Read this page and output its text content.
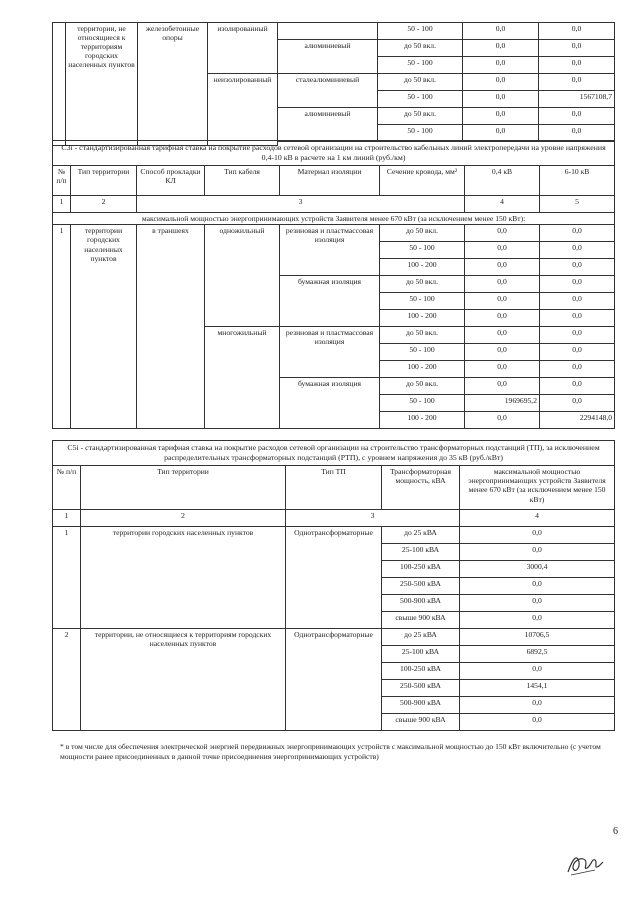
	территории, не относящиеся к территориям городских населенных пунктов	железобетонные опоры	изолированный		50 - 100	0,0	0,0
				алюминиевый	до 50 вкл.	0,0	0,0
					50 - 100	0,0	0,0
			неизолированный	сталеалюминиевый	до 50 вкл.	0,0	0,0
					50 - 100	0,0	1567108,7
				алюминиевый	до 50 вкл.	0,0	0,0
					50 - 100	0,0	0,0

C3i - стандартизированная тарифная ставка на покрытие расходов сетевой организации на строительство кабельных линий электропередачи на уровне напряжения 0,4-10 кВ в расчете на 1 км линий (руб./км)							
№ п/п	Тип территории	Способ прокладки КЛ	Тип кабеля	Материал изоляции	Сечение кровода, мм²	0,4 кВ	6-10 кВ
1	2	3				4	5
максимальной мощностью энергопринимающих устройств Заявителя менее 670 кВт (за исключением менее 150 кВт):							
1	территории городских населенных пунктов	в траншеях	одножильный	резиновая и пластмассовая изоляция	до 50 вкл.	0,0	0,0
					50 - 100	0,0	0,0
					100 - 200	0,0	0,0
				бумажная изоляция	до 50 вкл.	0,0	0,0
					50 - 100	0,0	0,0
					100 - 200	0,0	0,0
			многожильный	резиновая и пластмассовая изоляция	до 50 вкл.	0,0	0,0
					50 - 100	0,0	0,0
					100 - 200	0,0	0,0
				бумажная изоляция	до 50 вкл.	0,0	0,0
					50 - 100	1969695,2	0,0
					100 - 200	0,0	2294148,0
C5i - стандартизированная тарифная ставка на покрытие расходов сетевой организации на строительство трансформаторных подстанций (ТП), за исключением распределительных трансформаторных подстанций (РТП), с уровнем напряжения до 35 кВ (руб./кВт)				
№ п/п	Тип территории	Тип ТП	Трансформаторная мощность, кВА	максимальной мощностью энергопринимающих устройств Заявителя менее 670 кВт (за исключением менее 150 кВт)
1	2	3		4
1	территории городских населенных пунктов	Однотрансформаторные	до 25 кВА	0,0
			25-100 кВА	0,0
			100-250 кВА	3000,4
			250-500 кВА	0,0
			500-900 кВА	0,0
			свыше 900 кВА	0,0
2	территории, не относящиеся к территориям городских населенных пунктов	Однотрансформаторные	до 25 кВА	10706,5
			25-100 кВА	6892,5
			100-250 кВА	0,0
			250-500 кВА	1454,1
			500-900 кВА	0,0
			свыше 900 кВА	0,0
* в том числе для обеспечения электрической энергией передвижных энергопринимающих устройств с максимальной мощностью до 150 кВт включительно (с учетом мощности ранее присоединенных в данной точке присоединения энергопринимающих устройств)
6
